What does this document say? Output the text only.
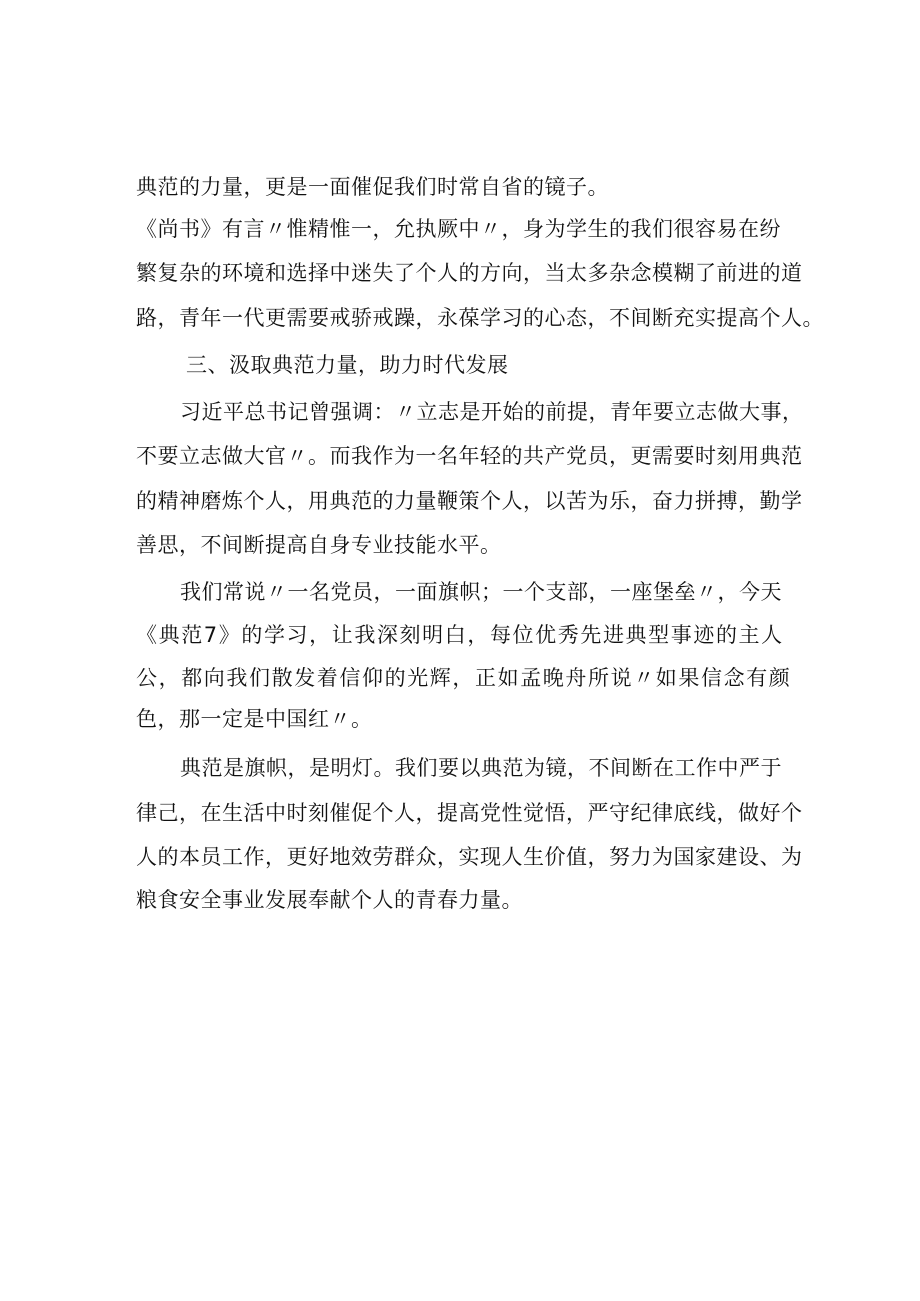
典范的力量，更是一面催促我们时常自省的镜子。
《尚书》有言〃惟精惟一，允执厥中〃，身为学生的我们很容易在纷
繁复杂的环境和选择中迷失了个人的方向，当太多杂念模糊了前进的道
路，青年一代更需要戒骄戒躁，永葆学习的心态，不间断充实提高个人。
三、汲取典范力量，助力时代发展
习近平总书记曾强调：〃立志是开始的前提，青年要立志做大事，
不要立志做大官〃。而我作为一名年轻的共产党员，更需要时刻用典范
的精神磨炼个人，用典范的力量鞭策个人，以苦为乐，奋力拼搏，勤学
善思，不间断提高自身专业技能水平。
我们常说〃一名党员，一面旗帜；一个支部，一座堡垒〃，今天
《典范7》的学习，让我深刻明白，每位优秀先进典型事迹的主人
公，都向我们散发着信仰的光辉，正如孟晚舟所说〃如果信念有颜
色，那一定是中国红〃。
典范是旗帜，是明灯。我们要以典范为镜，不间断在工作中严于
律己，在生活中时刻催促个人，提高党性觉悟，严守纪律底线，做好个
人的本员工作，更好地效劳群众，实现人生价值，努力为国家建设、为
粮食安全事业发展奉献个人的青春力量。
